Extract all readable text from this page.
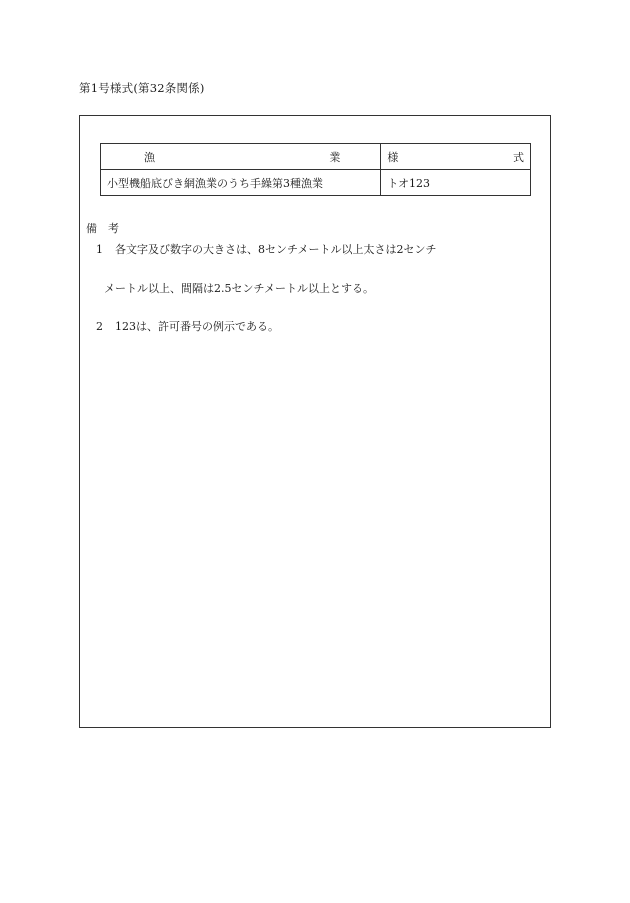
第1号様式(第32条関係)
漁 業	様 式

小型機船底びき網漁業のうち手繰第3種漁業	トオ123
備　考
1 各文字及び数字の大きさは、8センチメートル以上太さは2センチ
メートル以上、間隔は2.5センチメートル以上とする。
2 123は、許可番号の例示である。
